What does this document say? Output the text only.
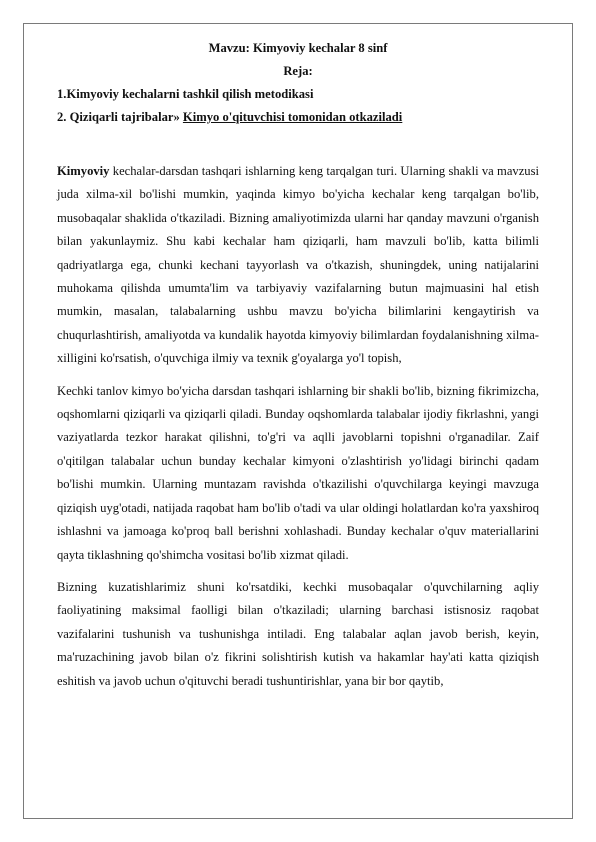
Mavzu: Kimyoviy kechalar 8 sinf

Reja:

1.Kimyoviy kechalarni tashkil qilish metodikasi

2. Qiziqarli tajribalar» Kimyo o'qituvchisi tomonidan otkaziladi

Kimyoviy kechalar-darsdan tashqari ishlarning keng tarqalgan turi. Ularning shakli va mavzusi juda xilma-xil bo'lishi mumkin, yaqinda kimyo bo'yicha kechalar keng tarqalgan bo'lib, musobaqalar shaklida o'tkaziladi. Bizning amaliyotimizda ularni har qanday mavzuni o'rganish bilan yakunlaymiz. Shu kabi kechalar ham qiziqarli, ham mavzuli bo'lib, katta bilimli qadriyatlarga ega, chunki kechani tayyorlash va o'tkazish, shuningdek, uning natijalarini muhokama qilishda umumta'lim va tarbiyaviy vazifalarning butun majmuasini hal etish mumkin, masalan, talabalarning ushbu mavzu bo'yicha bilimlarini kengaytirish va chuqurlashtirish, amaliyotda va kundalik hayotda kimyoviy bilimlardan foydalanishning xilma-xilligini ko'rsatish, o'quvchiga ilmiy va texnik g'oyalarga yo'l topish,

Kechki tanlov kimyo bo'yicha darsdan tashqari ishlarning bir shakli bo'lib, bizning fikrimizcha, oqshomlarni qiziqarli va qiziqarli qiladi. Bunday oqshomlarda talabalar ijodiy fikrlashni, yangi vaziyatlarda tezkor harakat qilishni, to'g'ri va aqlli javoblarni topishni o'rganadilar. Zaif o'qitilgan talabalar uchun bunday kechalar kimyoni o'zlashtirish yo'lidagi birinchi qadam bo'lishi mumkin. Ularning muntazam ravishda o'tkazilishi o'quvchilarga keyingi mavzuga qiziqish uyg'otadi, natijada raqobat ham bo'lib o'tadi va ular oldingi holatlardan ko'ra yaxshiroq ishlashni va jamoaga ko'proq ball berishni xohlashadi. Bunday kechalar o'quv materiallarini qayta tiklashning qo'shimcha vositasi bo'lib xizmat qiladi.

Bizning kuzatishlarimiz shuni ko'rsatdiki, kechki musobaqalar o'quvchilarning aqliy faoliyatining maksimal faolligi bilan o'tkaziladi; ularning barchasi istisnosiz raqobat vazifalarini tushunish va tushunishga intiladi. Eng talabalar aqlan javob berish, keyin, ma'ruzachining javob bilan o'z fikrini solishtirish kutish va hakamlar hay'ati katta qiziqish eshitish va javob uchun o'qituvchi beradi tushuntirishlar, yana bir bor qaytib,
